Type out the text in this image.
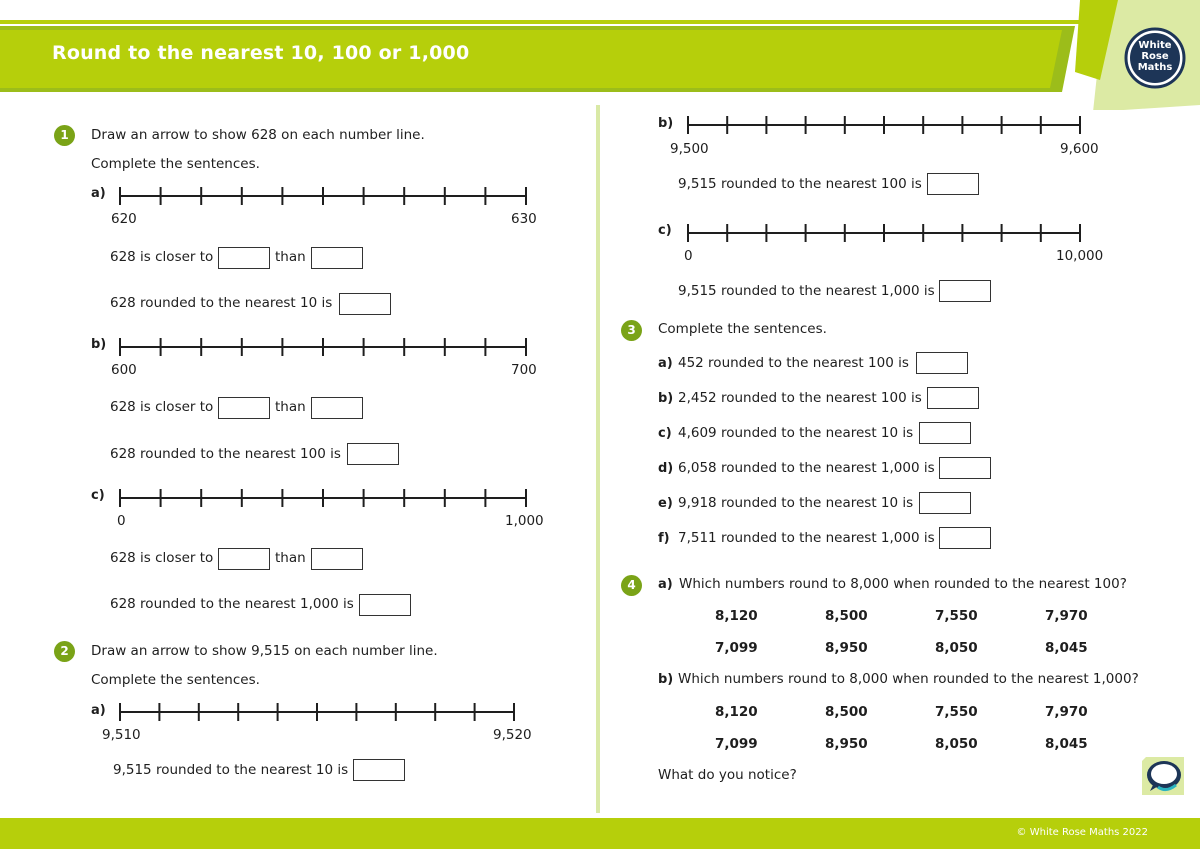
Round to the nearest 10, 100 or 1,000	White
Rose
Maths
1	Draw an arrow to show 628 on each number line.
Complete the sentences.
a)
620	630
628 is closer to	than
628 rounded to the nearest 10 is
b)
600	700
628 is closer to	than
628 rounded to the nearest 100 is
c)
0	1,000
628 is closer to	than
628 rounded to the nearest 1,000 is
2	Draw an arrow to show 9,515 on each number line.
Complete the sentences.
a)
9,510	9,520
9,515 rounded to the nearest 10 is
b)
9,500	9,600
9,515 rounded to the nearest 100 is
c)
0	10,000
9,515 rounded to the nearest 1,000 is
3	Complete the sentences.
a) 452 rounded to the nearest 100 is
b) 2,452 rounded to the nearest 100 is
c) 4,609 rounded to the nearest 10 is
d) 6,058 rounded to the nearest 1,000 is
e) 9,918 rounded to the nearest 10 is
f) 7,511 rounded to the nearest 1,000 is
4	a) Which numbers round to 8,000 when rounded to the nearest 100?
8,120	8,500	7,550	7,970
7,099	8,950	8,050	8,045
b) Which numbers round to 8,000 when rounded to the nearest 1,000?
8,120	8,500	7,550	7,970
7,099	8,950	8,050	8,045
What do you notice?
© White Rose Maths 2022
